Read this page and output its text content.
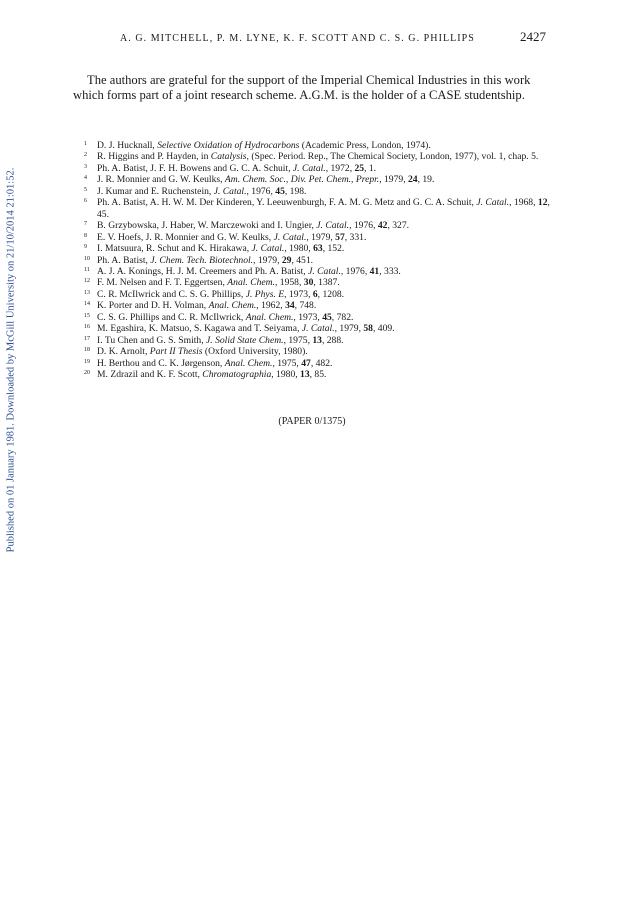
Published on 01 January 1981. Downloaded by McGill University on 21/10/2014 21:01:52.
A. G. MITCHELL, P. M. LYNE, K. F. SCOTT AND C. S. G. PHILLIPS	2427

The authors are grateful for the support of the Imperial Chemical Industries in this work which forms part of a joint research scheme. A.G.M. is the holder of a CASE studentship.

1 D. J. Hucknall, Selective Oxidation of Hydrocarbons (Academic Press, London, 1974).
2 R. Higgins and P. Hayden, in Catalysis, (Spec. Period. Rep., The Chemical Society, London, 1977), vol. 1, chap. 5.
3 Ph. A. Batist, J. F. H. Bowens and G. C. A. Schuit, J. Catal., 1972, 25, 1.
4 J. R. Monnier and G. W. Keulks, Am. Chem. Soc., Div. Pet. Chem., Prepr., 1979, 24, 19.
5 J. Kumar and E. Ruchenstein, J. Catal., 1976, 45, 198.
6 Ph. A. Batist, A. H. W. M. Der Kinderen, Y. Leeuwenburgh, F. A. M. G. Metz and G. C. A. Schuit, J. Catal., 1968, 12, 45.
7 B. Grzybowska, J. Haber, W. Marczewoki and I. Ungier, J. Catal., 1976, 42, 327.
8 E. V. Hoefs, J. R. Monnier and G. W. Keulks, J. Catal., 1979, 57, 331.
9 I. Matsuura, R. Schut and K. Hirakawa, J. Catal., 1980, 63, 152.
10 Ph. A. Batist, J. Chem. Tech. Biotechnol., 1979, 29, 451.
11 A. J. A. Konings, H. J. M. Creemers and Ph. A. Batist, J. Catal., 1976, 41, 333.
12 F. M. Nelsen and F. T. Eggertsen, Anal. Chem., 1958, 30, 1387.
13 C. R. McIlwrick and C. S. G. Phillips, J. Phys. E, 1973, 6, 1208.
14 K. Porter and D. H. Volman, Anal. Chem., 1962, 34, 748.
15 C. S. G. Phillips and C. R. McIlwrick, Anal. Chem., 1973, 45, 782.
16 M. Egashira, K. Matsuo, S. Kagawa and T. Seiyama, J. Catal., 1979, 58, 409.
17 I. Tu Chen and G. S. Smith, J. Solid State Chem., 1975, 13, 288.
18 D. K. Arnolt, Part II Thesis (Oxford University, 1980).
19 H. Berthou and C. K. Jørgenson, Anal. Chem., 1975, 47, 482.
20 M. Zdrazil and K. F. Scott, Chromatographia, 1980, 13, 85.
(PAPER 0/1375)
